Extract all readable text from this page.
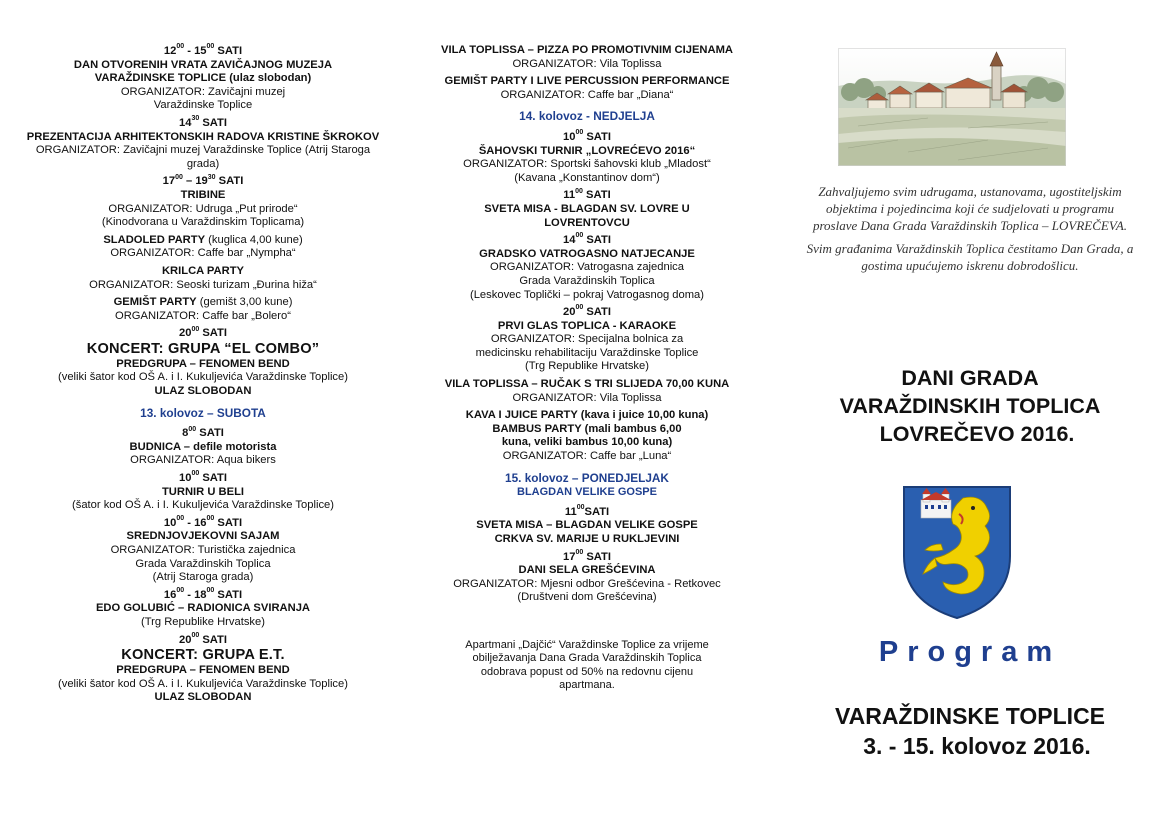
$12^{00} - 15^{00}$ SATI
DAN OTVORENIH VRATA ZAVIČAJNOG MUZEJA
VARAŽDINSKE TOPLICE (ulaz slobodan)
ORGANIZATOR: Zavičajni muzej
Varaždinske Toplice
$14^{30}$ SATI
PREZENTACIJA ARHITEKTONSKIH RADOVA KRISTINE ŠKROKOV
ORGANIZATOR: Zavičajni muzej Varaždinske Toplice (Atrij Staroga grada)
$17^{00} - 19^{30}$ SATI
TRIBINE
ORGANIZATOR: Udruga „Put prirode“
(Kinodvorana u Varaždinskim Toplicama)
SLADOLED PARTY (kuglica 4,00 kune)
ORGANIZATOR: Caffe bar „Nympha“
KRILCA PARTY
ORGANIZATOR: Seoski turizam „Đurina hiža“
GEMIŠT PARTY (gemišt 3,00 kune)
ORGANIZATOR: Caffe bar „Bolero“
$20^{00}$ SATI
KONCERT: GRUPA “EL COMBO”
PREDGRUPA – FENOMEN BEND
(veliki šator kod OŠ A. i I. Kukuljevića Varaždinske Toplice)
ULAZ SLOBODAN
13. kolovoz – SUBOTA
$8^{00}$ SATI
BUDNICA – defile motorista
ORGANIZATOR: Aqua bikers
$10^{00}$ SATI
TURNIR U BELI
(šator kod OŠ A. i I. Kukuljevića Varaždinske Toplice)
$10^{00} - 16^{00}$ SATI
SREDNJOVJEKOVNI SAJAM
ORGANIZATOR: Turistička zajednica
Grada Varaždinskih Toplica
(Atrij Staroga grada)
$16^{00} - 18^{00}$ SATI
EDO GOLUBIĆ – RADIONICA SVIRANJA
(Trg Republike Hrvatske)
$20^{00}$ SATI
KONCERT: GRUPA E.T.
PREDGRUPA – FENOMEN BEND
(veliki šator kod OŠ A. i I. Kukuljevića Varaždinske Toplice)
ULAZ SLOBODAN
VILA TOPLISSA – PIZZA PO PROMOTIVNIM CIJENAMA
ORGANIZATOR: Vila Toplissa
GEMIŠT PARTY I LIVE PERCUSSION PERFORMANCE
ORGANIZATOR: Caffe bar „Diana“
14. kolovoz - NEDJELJA
$10^{00}$ SATI
ŠAHOVSKI TURNIR „LOVREĆEVO 2016“
ORGANIZATOR: Sportski šahovski klub „Mladost“
(Kavana „Konstantinov dom“)
$11^{00}$ SATI
SVETA MISA - BLAGDAN SV. LOVRE U LOVRENTOVCU
$14^{00}$ SATI
GRADSKO VATROGASNO NATJECANJE
ORGANIZATOR: Vatrogasna zajednica
Grada Varaždinskih Toplica
(Leskovec Toplički – pokraj Vatrogasnog doma)
$20^{00}$ SATI
PRVI GLAS TOPLICA - KARAOKE
ORGANIZATOR: Specijalna bolnica za medicinsku rehabilitaciju Varaždinske Toplice
(Trg Republike Hrvatske)
VILA TOPLISSA – RUČAK S TRI SLIJEDA 70,00 KUNA
ORGANIZATOR: Vila Toplissa
KAVA I JUICE PARTY (kava i juice 10,00 kuna)
BAMBUS PARTY (mali bambus 6,00 kuna, veliki bambus 10,00 kuna)
ORGANIZATOR: Caffe bar „Luna“
15. kolovoz – PONEDJELJAK
BLAGDAN VELIKE GOSPE
$11^{00}SATI$
SVETA MISA – BLAGDAN VELIKE GOSPE
CRKVA SV. MARIJE U RUKLJEVINI
$17^{00}$ SATI
DANI SELA GREŠĆEVINA
ORGANIZATOR: Mjesni odbor Grešćevina - Retkovec
(Društveni dom Grešćevina)
Apartmani „Dajčić“ Varaždinske Toplice za vrijeme obilježavanja Dana Grada Varaždinskih Toplica odobrava popust od 50% na redovnu cijenu apartmana.

Zahvaljujemo svim udrugama, ustanovama, ugostiteljskim objektima i pojedincima koji će sudjelovati u programu proslave Dana Grada Varaždinskih Toplica – LOVREČEVA.

Svim građanima Varaždinskih Toplica čestitamo Dan Grada, a gostima upućujemo iskrenu dobrodošlicu.

DANI GRADA
VARAŽDINSKIH TOPLICA
LOVREČEVO 2016.
Program
VARAŽDINSKE TOPLICE
3. - 15. kolovoz 2016.
